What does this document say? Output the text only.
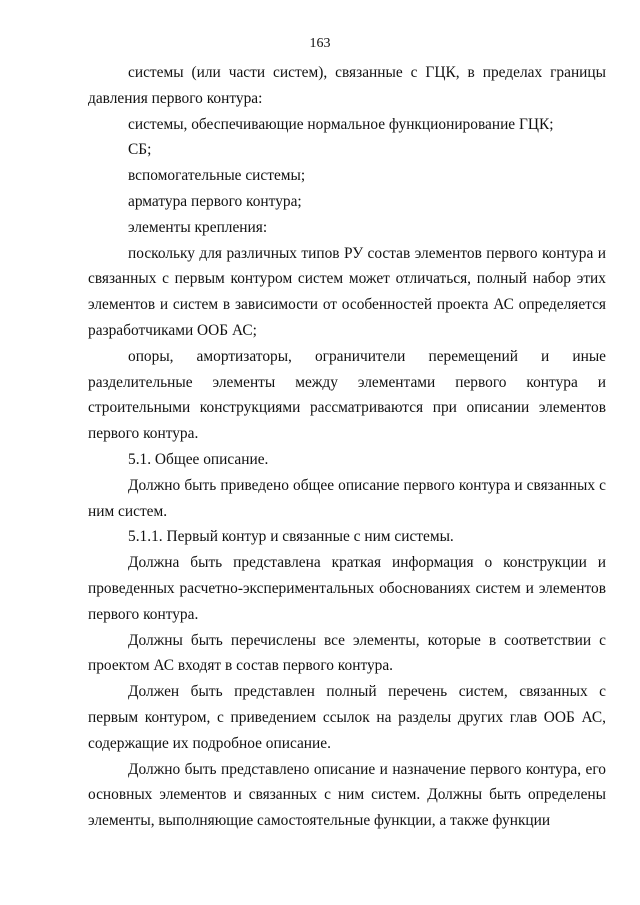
163

системы (или части систем), связанные с ГЦК, в пределах границы давления первого контура:

системы, обеспечивающие нормальное функционирование ГЦК;

СБ;

вспомогательные системы;

арматура первого контура;

элементы крепления:

поскольку для различных типов РУ состав элементов первого контура и связанных с первым контуром систем может отличаться, полный набор этих элементов и систем в зависимости от особенностей проекта АС определяется разработчиками ООБ АС;

опоры, амортизаторы, ограничители перемещений и иные разделительные элементы между элементами первого контура и строительными конструкциями рассматриваются при описании элементов первого контура.

5.1. Общее описание.

Должно быть приведено общее описание первого контура и связанных с ним систем.

5.1.1. Первый контур и связанные с ним системы.

Должна быть представлена краткая информация о конструкции и проведенных расчетно-экспериментальных обоснованиях систем и элементов первого контура.

Должны быть перечислены все элементы, которые в соответствии с проектом АС входят в состав первого контура.

Должен быть представлен полный перечень систем, связанных с первым контуром, с приведением ссылок на разделы других глав ООБ АС, содержащие их подробное описание.

Должно быть представлено описание и назначение первого контура, его основных элементов и связанных с ним систем. Должны быть определены элементы, выполняющие самостоятельные функции, а также функции
